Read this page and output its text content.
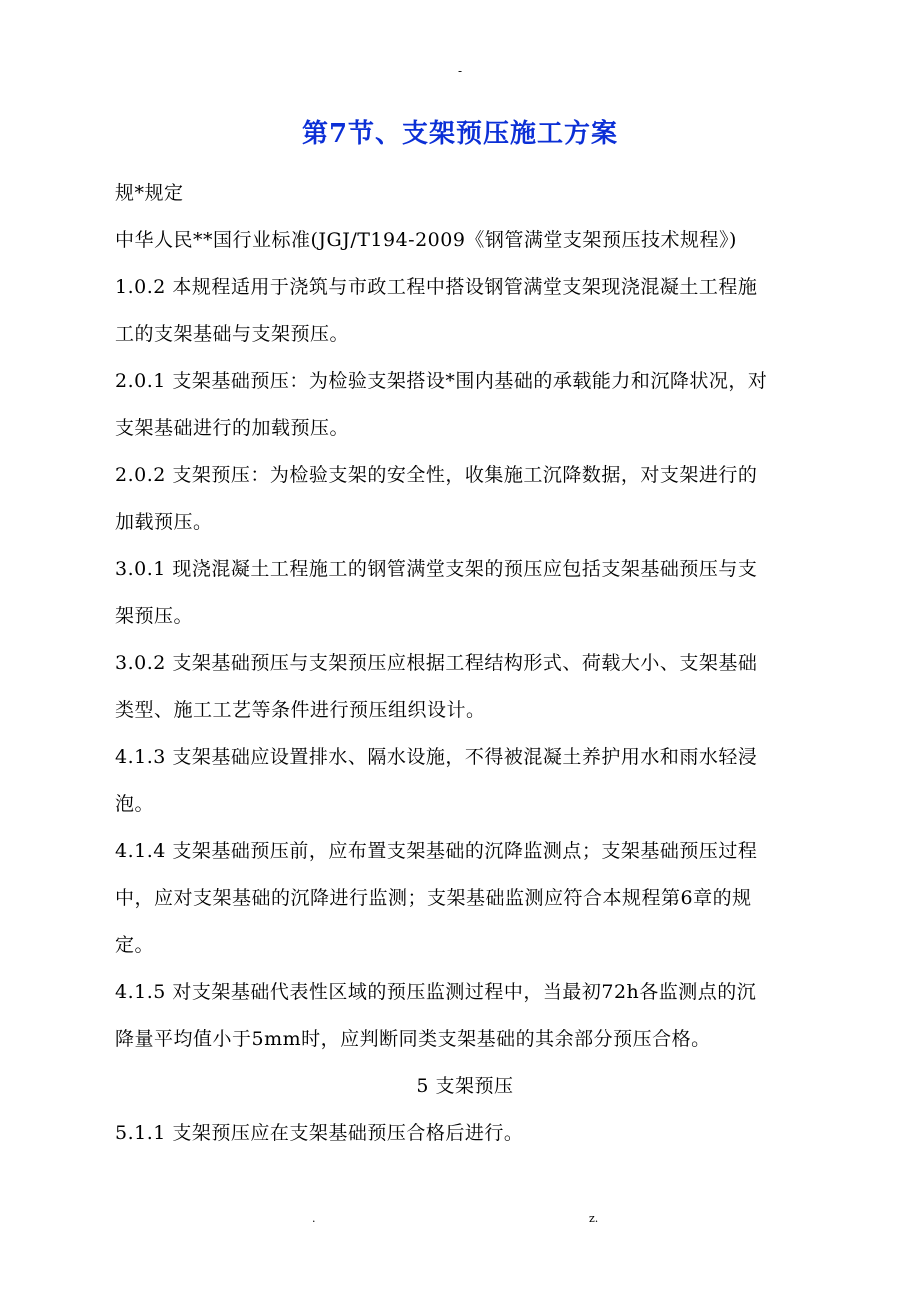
-
第7节、支架预压施工方案
规*规定
中华人民**国行业标准(JGJ/T194-2009《钢管满堂支架预压技术规程》)
1.0.2 本规程适用于浇筑与市政工程中搭设钢管满堂支架现浇混凝土工程施
工的支架基础与支架预压。
2.0.1 支架基础预压：为检验支架搭设*围内基础的承载能力和沉降状况，对
支架基础进行的加载预压。
2.0.2 支架预压：为检验支架的安全性，收集施工沉降数据，对支架进行的
加载预压。
3.0.1 现浇混凝土工程施工的钢管满堂支架的预压应包括支架基础预压与支
架预压。
3.0.2 支架基础预压与支架预压应根据工程结构形式、荷载大小、支架基础
类型、施工工艺等条件进行预压组织设计。
4.1.3 支架基础应设置排水、隔水设施，不得被混凝土养护用水和雨水轻浸
泡。
4.1.4 支架基础预压前，应布置支架基础的沉降监测点；支架基础预压过程
中，应对支架基础的沉降进行监测；支架基础监测应符合本规程第6章的规
定。
4.1.5 对支架基础代表性区域的预压监测过程中，当最初72h各监测点的沉
降量平均值小于5mm时，应判断同类支架基础的其余部分预压合格。
5 支架预压
5.1.1 支架预压应在支架基础预压合格后进行。
.	z.
